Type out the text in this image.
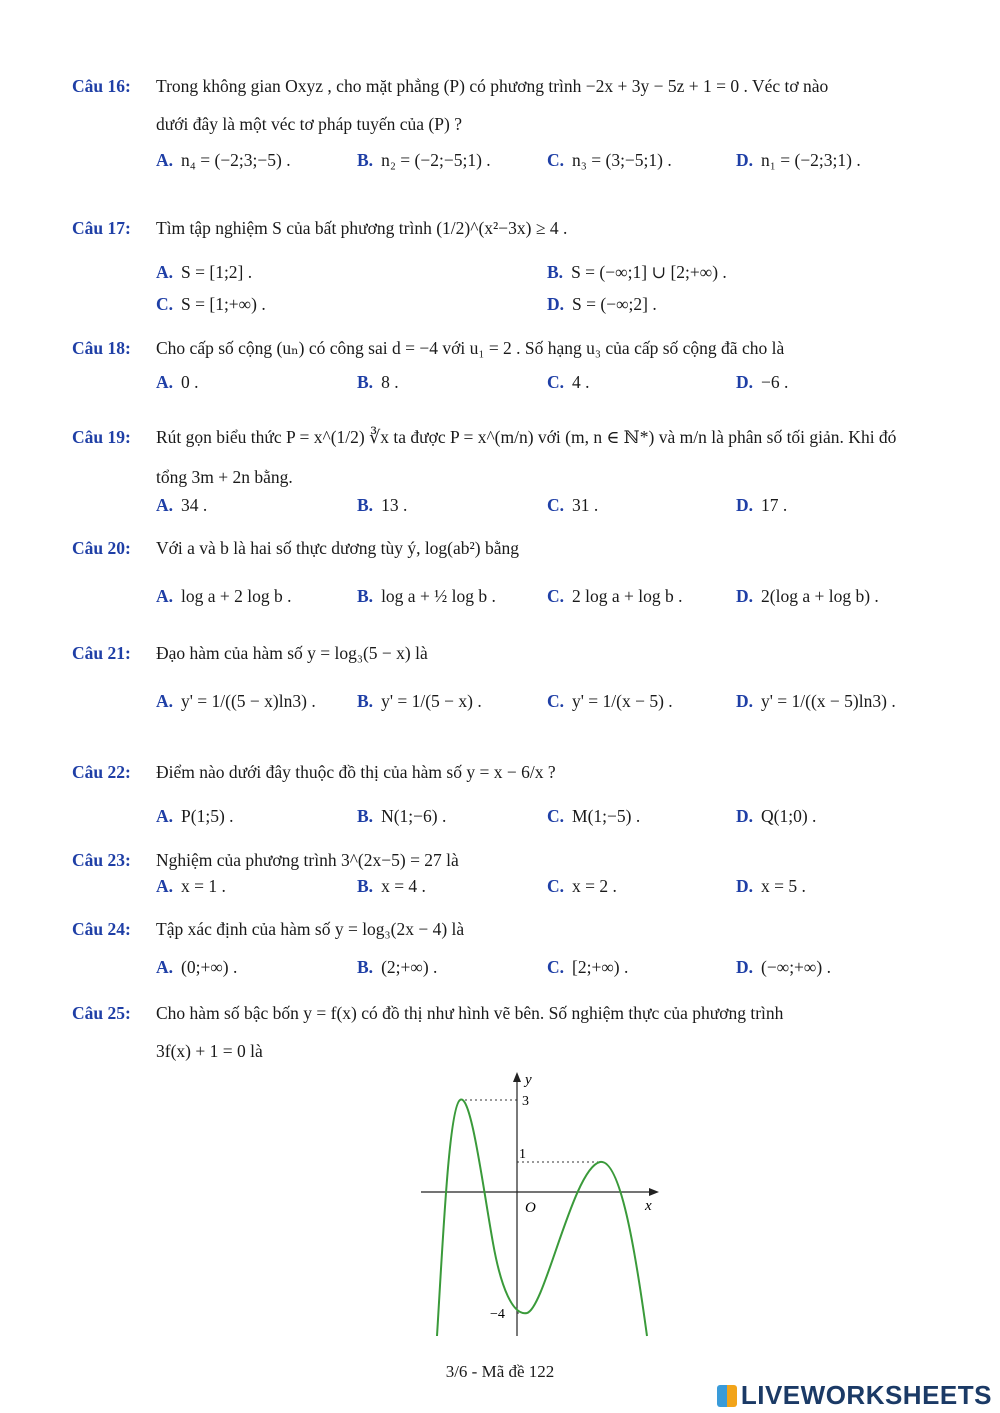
Câu 16: Trong không gian Oxyz , cho mặt phẳng (P) có phương trình −2x + 3y − 5z + 1 = 0 . Véc tơ nào
dưới đây là một véc tơ pháp tuyến của (P) ?
A. n₄ = (−2;3;−5) .	B. n₂ = (−2;−5;1) .	C. n₃ = (3;−5;1) .	D. n₁ = (−2;3;1) .
Câu 17: Tìm tập nghiệm S của bất phương trình (1/2)^(x²−3x) ≥ 4 .
A. S = [1;2] .	B. S = (−∞;1] ∪ [2;+∞) .
C. S = [1;+∞) .	D. S = (−∞;2] .
Câu 18: Cho cấp số cộng (uₙ) có công sai d = −4 với u₁ = 2 . Số hạng u₃ của cấp số cộng đã cho là
A. 0 .	B. 8 .	C. 4 .	D. −6 .
Câu 19: Rút gọn biểu thức P = x^(1/2) ∛x ta được P = x^(m/n) với (m, n ∈ ℕ*) và m/n là phân số tối giản. Khi đó
tổng 3m + 2n bằng.
A. 34 .	B. 13 .	C. 31 .	D. 17 .
Câu 20: Với a và b là hai số thực dương tùy ý, log(ab²) bằng
A. log a + 2 log b .	B. log a + ½ log b .	C. 2 log a + log b .	D. 2(log a + log b) .
Câu 21: Đạo hàm của hàm số y = log₃(5 − x) là
A. y' = 1/((5 − x)ln3) . B. y' = 1/(5 − x) .	C. y' = 1/(x − 5) .	D. y' = 1/((x − 5)ln3) .
Câu 22: Điểm nào dưới đây thuộc đồ thị của hàm số y = x − 6/x ?
A. P(1;5) .	B. N(1;−6) .	C. M(1;−5) .	D. Q(1;0) .
Câu 23: Nghiệm của phương trình 3^(2x−5) = 27 là
A. x = 1 .	B. x = 4 .	C. x = 2 .	D. x = 5 .
Câu 24: Tập xác định của hàm số y = log₃(2x − 4) là
A. (0;+∞) .	B. (2;+∞) .	C. [2;+∞) .	D. (−∞;+∞) .
Câu 25: Cho hàm số bậc bốn y = f(x) có đồ thị như hình vẽ bên. Số nghiệm thực của phương trình
3f(x) + 1 = 0 là
y
x
O
3
1
−4
3/6 - Mã đề 122
LIVEWORKSHEETS
